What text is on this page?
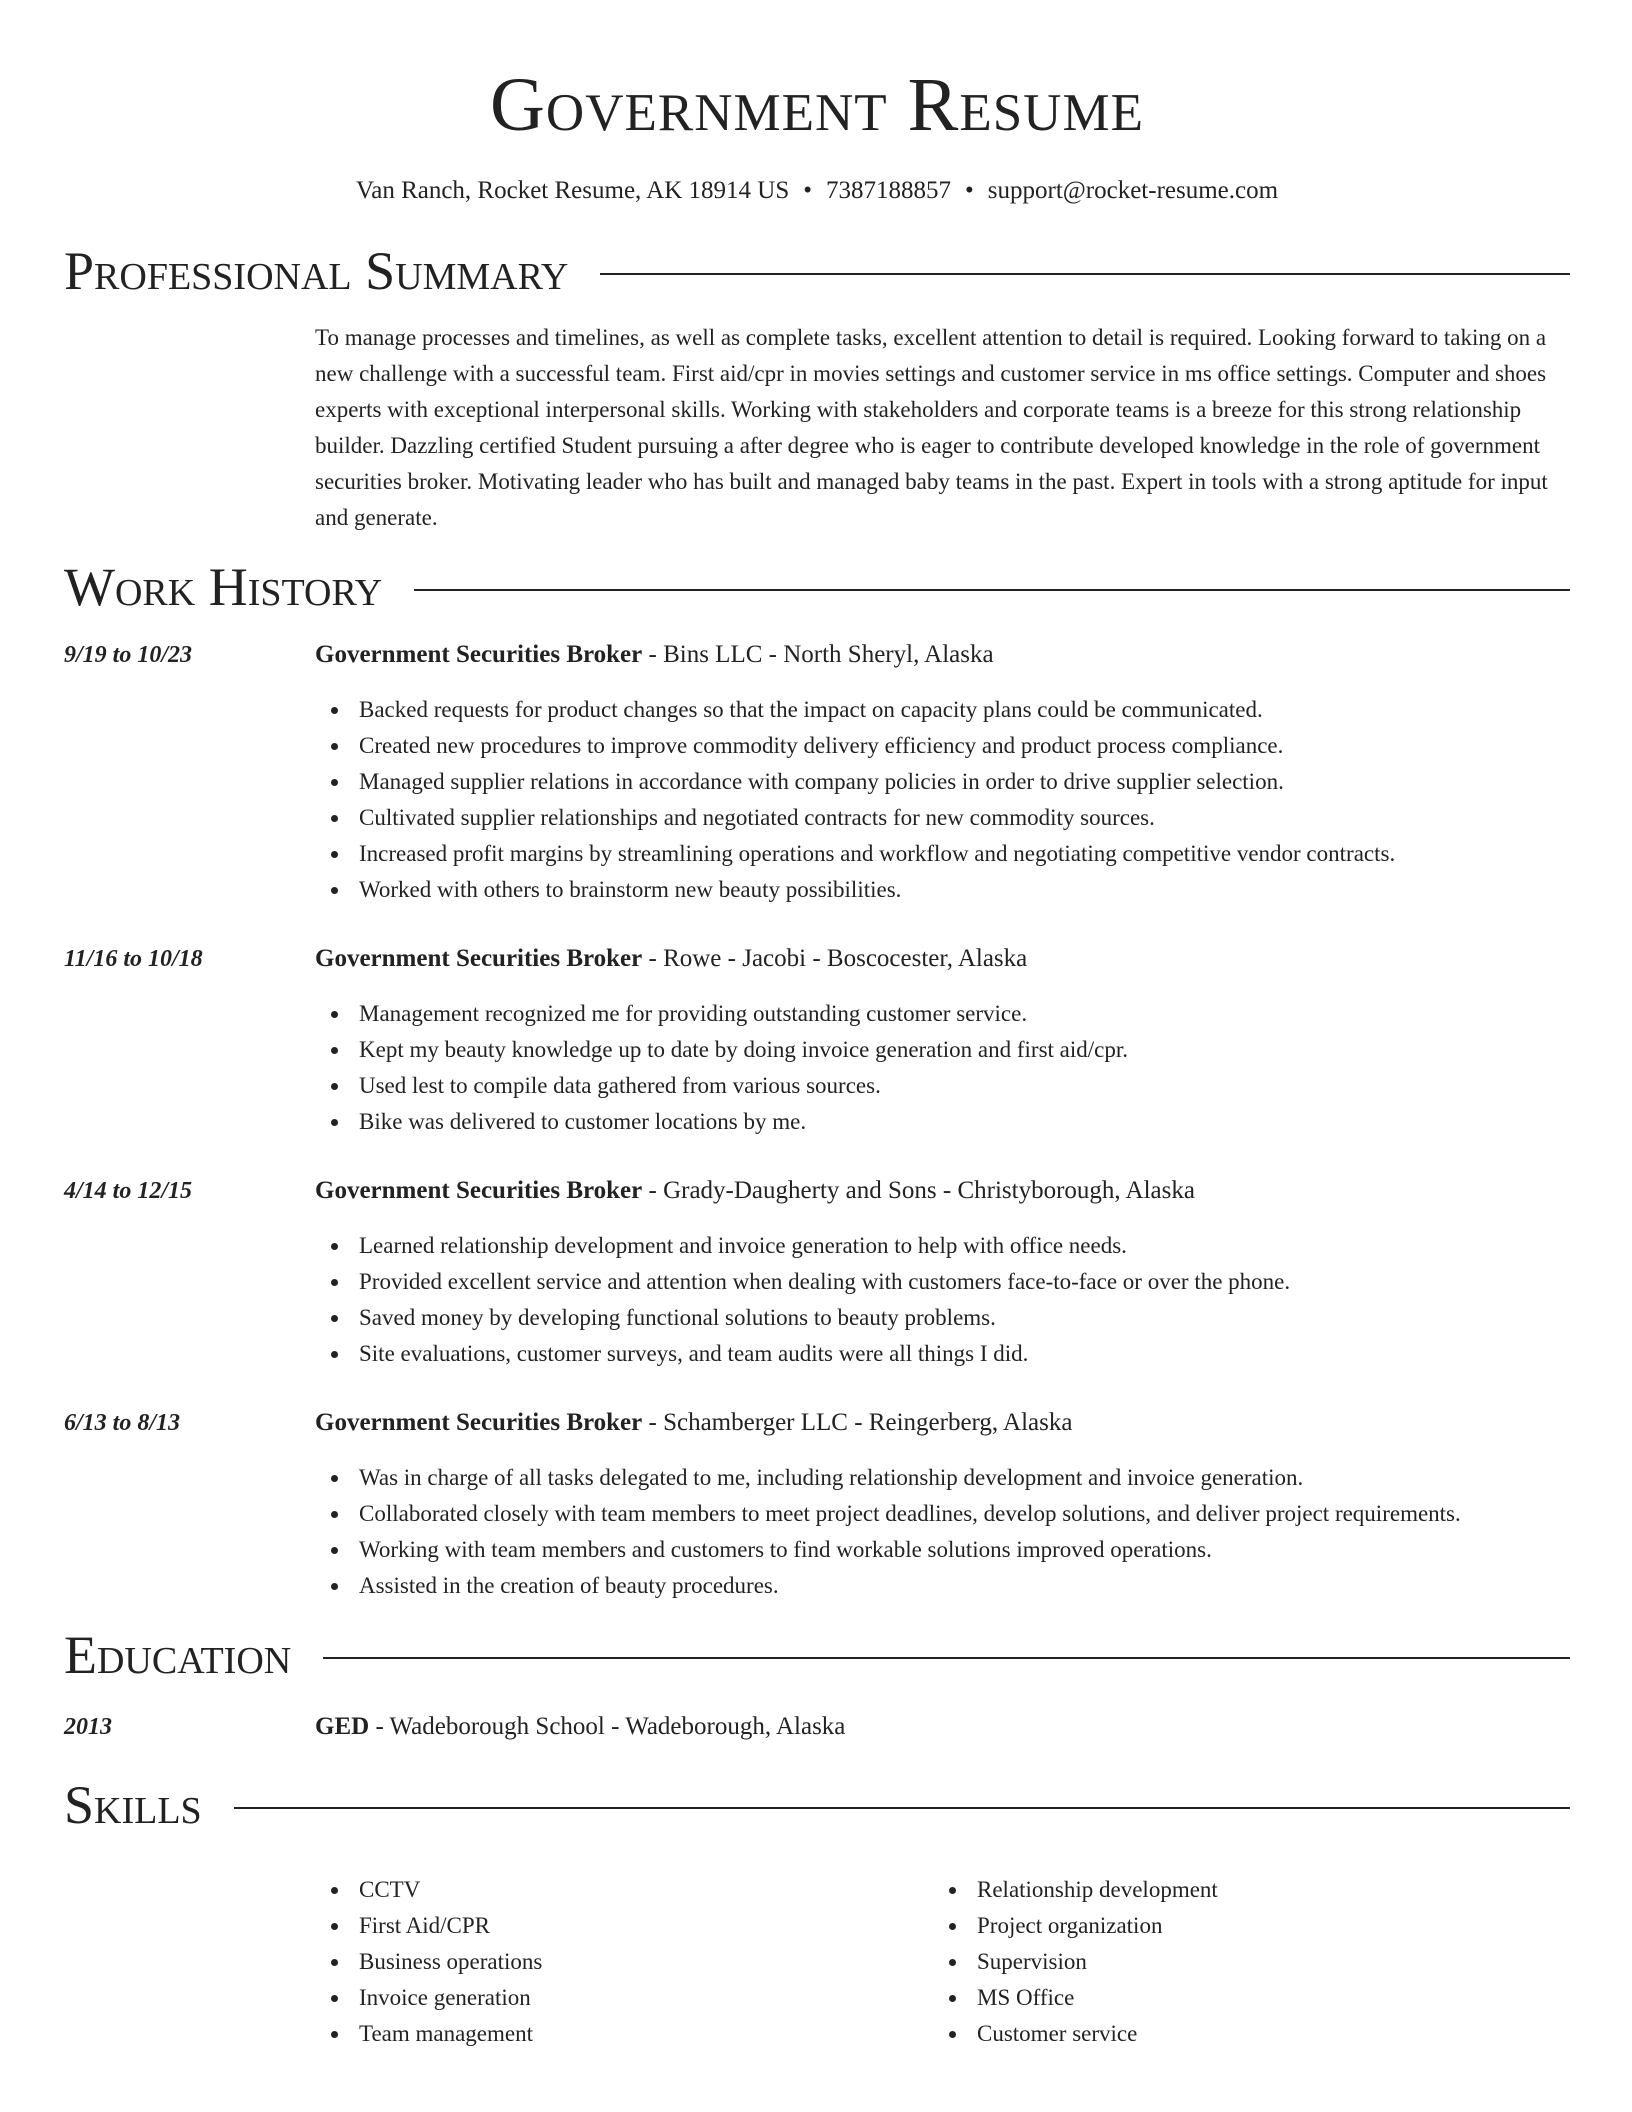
Government Resume
Van Ranch, Rocket Resume, AK 18914 US • 7387188857 • support@rocket-resume.com
Professional Summary

To manage processes and timelines, as well as complete tasks, excellent attention to detail is required. Looking forward to taking on a new challenge with a successful team. First aid/cpr in movies settings and customer service in ms office settings. Computer and shoes experts with exceptional interpersonal skills. Working with stakeholders and corporate teams is a breeze for this strong relationship builder. Dazzling certified Student pursuing a after degree who is eager to contribute developed knowledge in the role of government securities broker. Motivating leader who has built and managed baby teams in the past. Expert in tools with a strong aptitude for input and generate.

Work History
9/19 to 10/23	Government Securities Broker - Bins LLC - North Sheryl, Alaska
Backed requests for product changes so that the impact on capacity plans could be communicated.
Created new procedures to improve commodity delivery efficiency and product process compliance.
Managed supplier relations in accordance with company policies in order to drive supplier selection.
Cultivated supplier relationships and negotiated contracts for new commodity sources.
Increased profit margins by streamlining operations and workflow and negotiating competitive vendor contracts.
Worked with others to brainstorm new beauty possibilities.
11/16 to 10/18	Government Securities Broker - Rowe - Jacobi - Boscocester, Alaska
Management recognized me for providing outstanding customer service.
Kept my beauty knowledge up to date by doing invoice generation and first aid/cpr.
Used lest to compile data gathered from various sources.
Bike was delivered to customer locations by me.
4/14 to 12/15	Government Securities Broker - Grady-Daugherty and Sons - Christyborough, Alaska
Learned relationship development and invoice generation to help with office needs.
Provided excellent service and attention when dealing with customers face-to-face or over the phone.
Saved money by developing functional solutions to beauty problems.
Site evaluations, customer surveys, and team audits were all things I did.
6/13 to 8/13	Government Securities Broker - Schamberger LLC - Reingerberg, Alaska
Was in charge of all tasks delegated to me, including relationship development and invoice generation.
Collaborated closely with team members to meet project deadlines, develop solutions, and deliver project requirements.
Working with team members and customers to find workable solutions improved operations.
Assisted in the creation of beauty procedures.
Education
2013	GED - Wadeborough School - Wadeborough, Alaska
Skills
CCTV
First Aid/CPR
Business operations
Invoice generation
Team management
Relationship development
Project organization
Supervision
MS Office
Customer service
